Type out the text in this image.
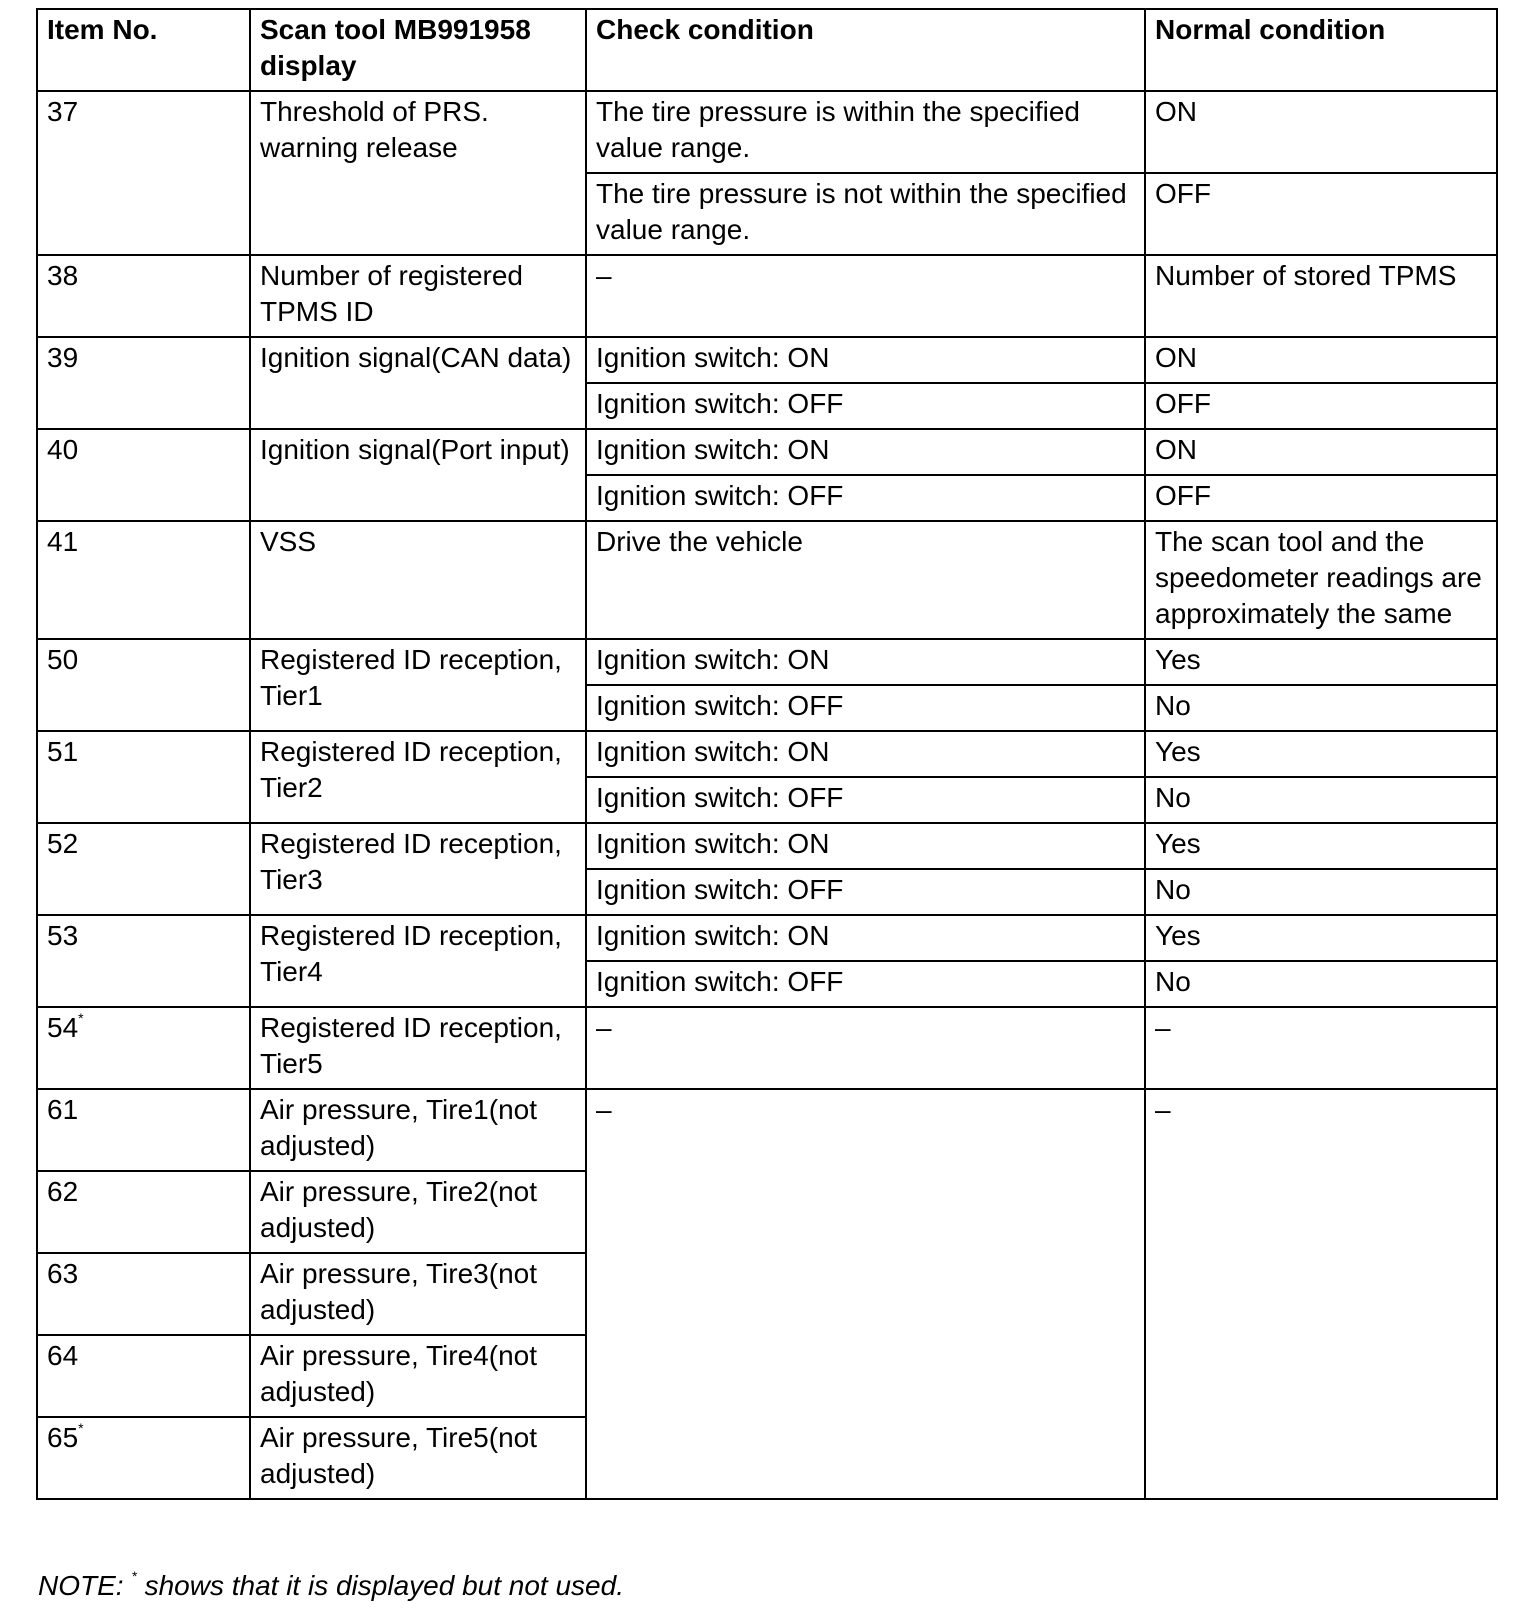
Item No.	Scan tool MB991958 display	Check condition	Normal condition
37	Threshold of PRS. warning release	The tire pressure is within the specified value range.	ON
		The tire pressure is not within the specified value range.	OFF
38	Number of registered TPMS ID	–	Number of stored TPMS
39	Ignition signal(CAN data)	Ignition switch: ON	ON
		Ignition switch: OFF	OFF
40	Ignition signal(Port input)	Ignition switch: ON	ON
		Ignition switch: OFF	OFF
41	VSS	Drive the vehicle	The scan tool and the speedometer readings are approximately the same
50	Registered ID reception, Tier1	Ignition switch: ON	Yes
		Ignition switch: OFF	No
51	Registered ID reception, Tier2	Ignition switch: ON	Yes
		Ignition switch: OFF	No
52	Registered ID reception, Tier3	Ignition switch: ON	Yes
		Ignition switch: OFF	No
53	Registered ID reception, Tier4	Ignition switch: ON	Yes
		Ignition switch: OFF	No
54*	Registered ID reception, Tier5	–	–
61	Air pressure, Tire1(not adjusted)	–	–
62	Air pressure, Tire2(not adjusted)		
63	Air pressure, Tire3(not adjusted)		
64	Air pressure, Tire4(not adjusted)		
65*	Air pressure, Tire5(not adjusted)		
NOTE: * shows that it is displayed but not used.
